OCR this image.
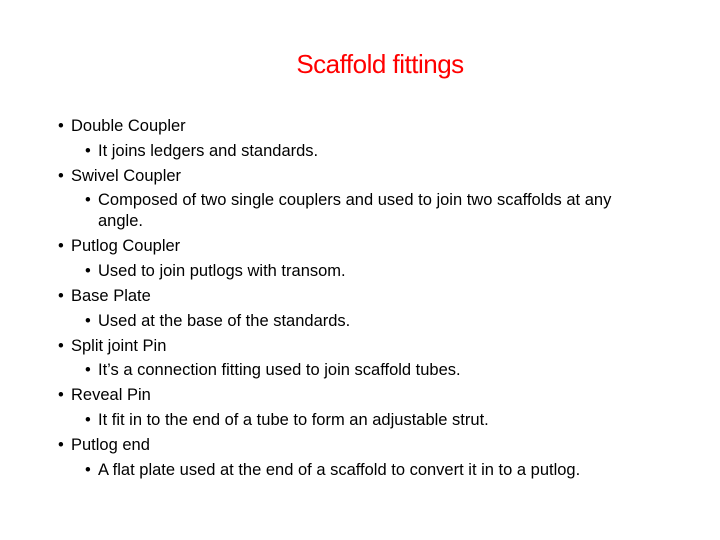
Scaffold fittings
• Double Coupler
• It joins ledgers and standards.
• Swivel Coupler
• Composed of two single couplers and used to join two scaffolds at any angle.
• Putlog Coupler
• Used to join putlogs with transom.
• Base Plate
• Used at the base of the standards.
• Split joint Pin
• It’s a connection fitting used to join scaffold tubes.
• Reveal Pin
• It fit in to the end of a tube to form an adjustable strut.
• Putlog end
• A flat plate used at the end of a scaffold to convert it in to a putlog.
